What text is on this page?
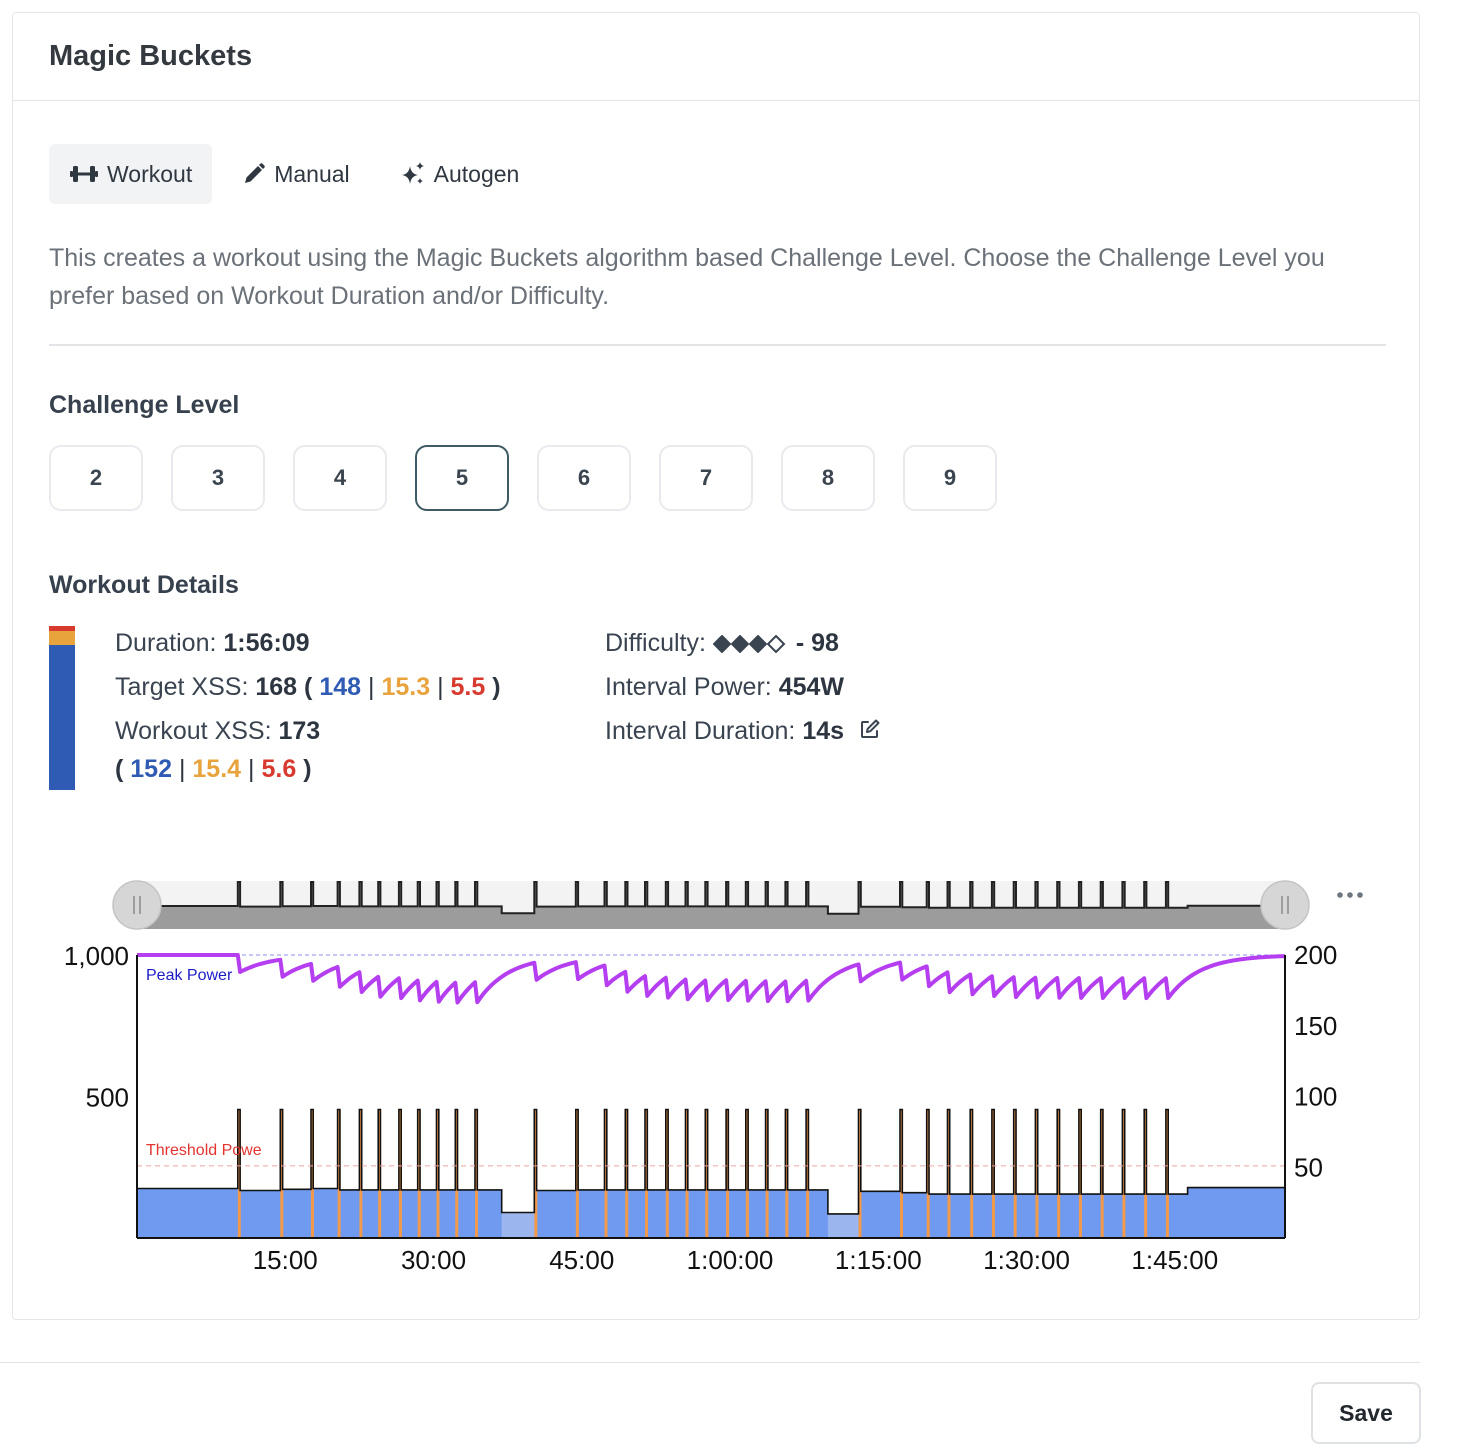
Magic Buckets
Workout	Manual	Autogen
This creates a workout using the Magic Buckets algorithm based Challenge Level. Choose the Challenge Level you prefer based on Workout Duration and/or Difficulty.
Challenge Level
2	3	4	5	6	7	8	9
Workout Details
Duration: 1:56:09
Target XSS: 168 ( 148 | 15.3 | 5.5 )
Workout XSS: 173
( 152 | 15.4 | 5.6 )
Difficulty:	- 98
Interval Power: 454W
Interval Duration: 14s
Threshold Powe
Peak Power
1,000
500
200
150
100
50
15:00	30:00	45:00	1:00:00 1:15:00 1:30:00 1:45:00
Save
